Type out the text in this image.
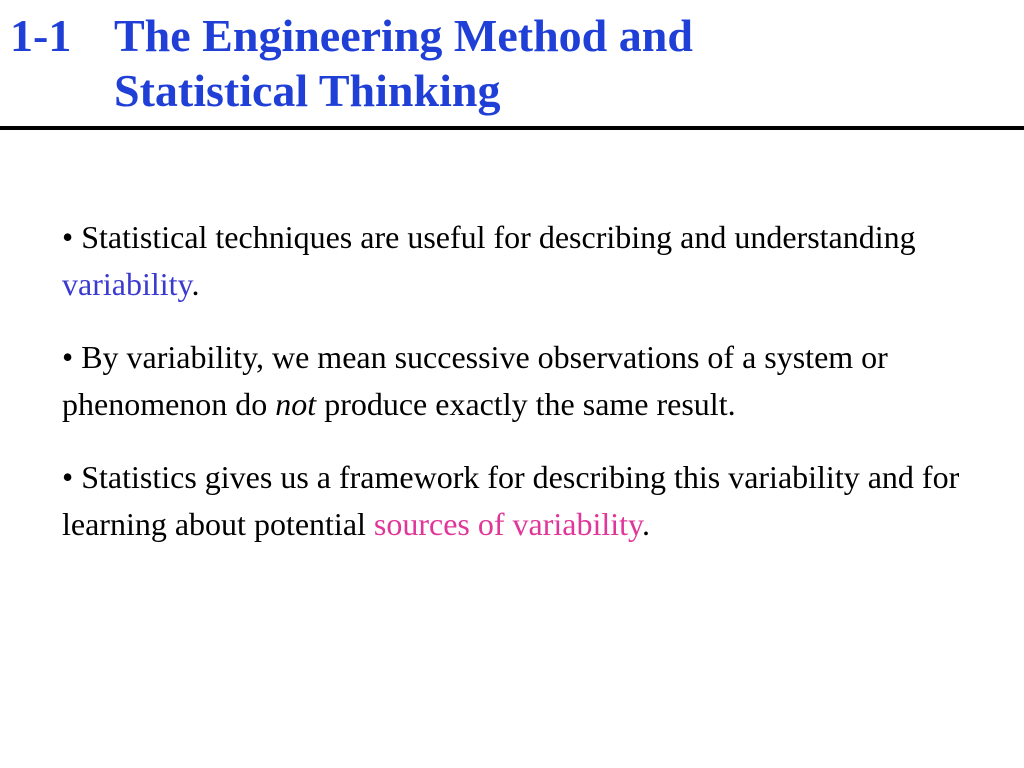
1-1 The Engineering Method and
Statistical Thinking

• Statistical techniques are useful for describing and understanding variability.

• By variability, we mean successive observations of a system or phenomenon do not produce exactly the same result.

• Statistics gives us a framework for describing this variability and for learning about potential sources of variability.
